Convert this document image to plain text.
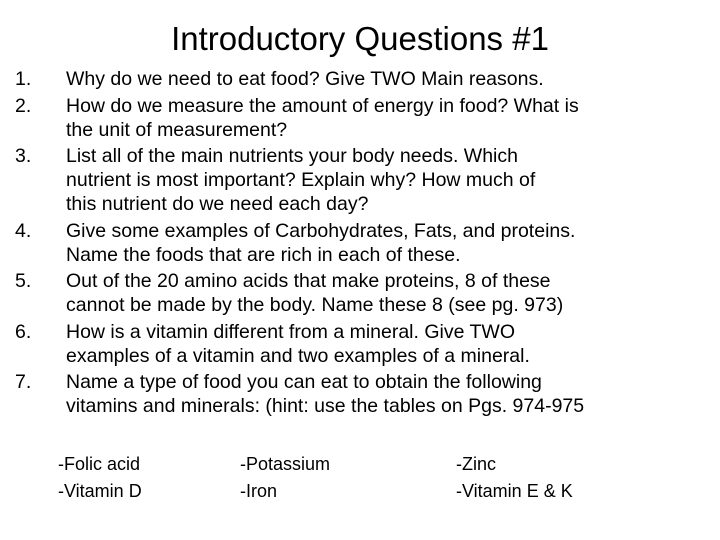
Introductory Questions #1
1. Why do we need to eat food? Give TWO Main reasons.
2. How do we measure the amount of energy in food? What is
the unit of measurement?
3. List all of the main nutrients your body needs. Which
nutrient is most important? Explain why? How much of
this nutrient do we need each day?
4. Give some examples of Carbohydrates, Fats, and proteins.
Name the foods that are rich in each of these.
5. Out of the 20 amino acids that make proteins, 8 of these
cannot be made by the body. Name these 8 (see pg. 973)
6. How is a vitamin different from a mineral. Give TWO
examples of a vitamin and two examples of a mineral.
7. Name a type of food you can eat to obtain the following
vitamins and minerals: (hint: use the tables on Pgs. 974-975
-Folic acid
-Vitamin D
-Potassium
-Iron
-Zinc
-Vitamin E & K
